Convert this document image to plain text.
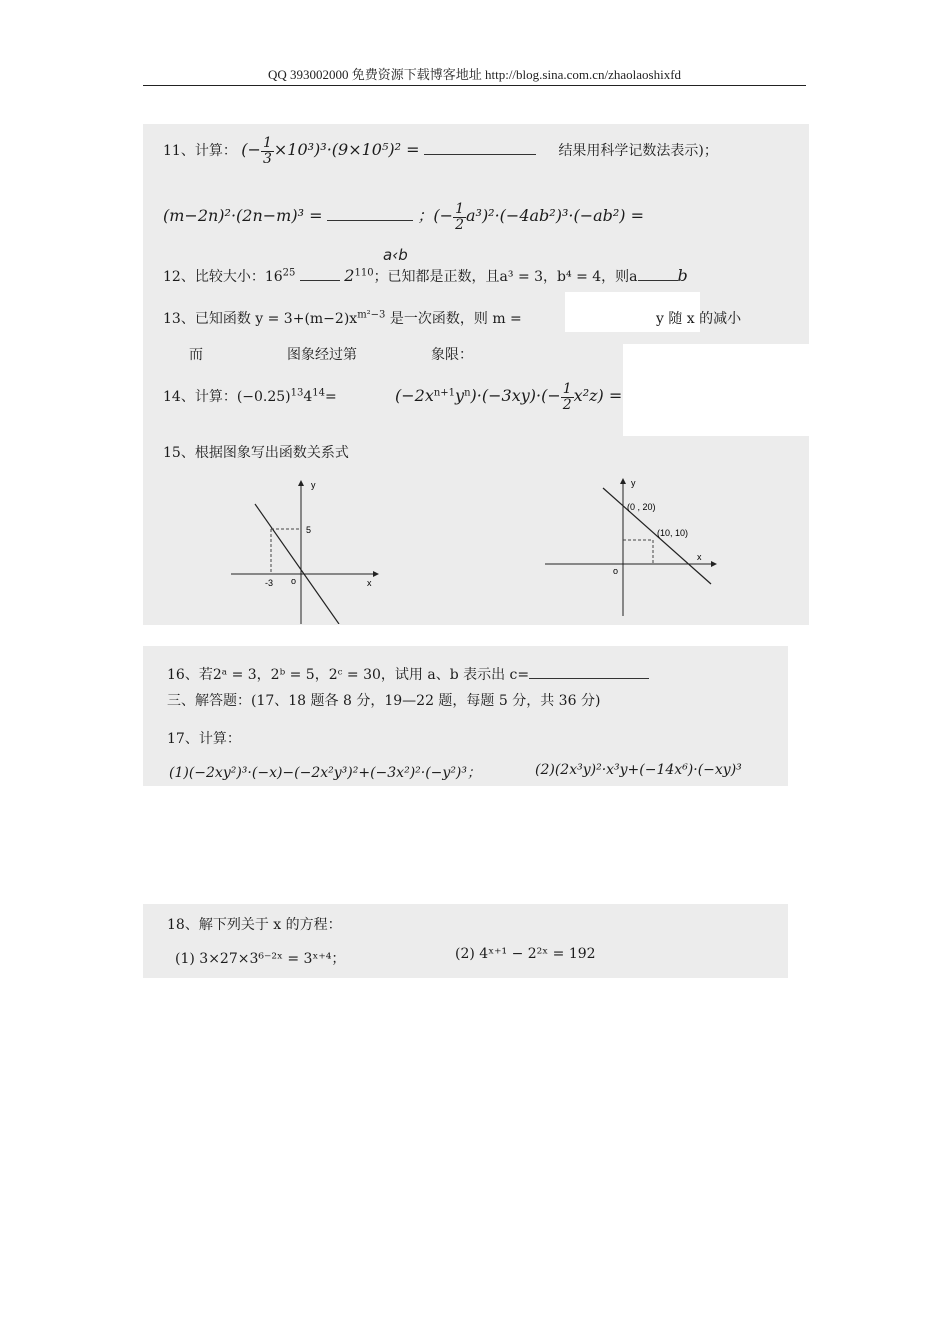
QQ 393002000 免费资源下载博客地址 http://blog.sina.com.cn/zhaolaoshixfd
11、计算： (− $\frac{1}{3} \times 10^3)^3\cdot(9\times 10^5)^2$ =	结果用科学记数法表示)；
(m−2n)²·(2n−m)³ =	；(− $\frac{1}{2} a^3)^2\cdot(-4ab^2)^3\cdot(-ab^2)$ =
a‹b
12、比较大小：$16^{25}$	$2^{110}$；已知都是正数，且a³ = 3，b⁴ = 4，则a	b
13、已知函数 $y = 3+(m-2)x^{m^2-3}$ 是一次函数，则 m =	y 随 x 的减小
而	图象经过第	象限：
14、计算：$(-0.25)^{13}4^{14}=$	$(-2x^{n+1}y^n)\cdot(-3xy)\cdot(- \frac{1}{2} x^2z)$ =
15、根据图象写出函数关系式
y
x
5
-3 o
y
x
(0 , 20)
(10, 10)
o
16、若2ᵃ = 3，2ᵇ = 5，2ᶜ = 30，试用 a、b 表示出 c=
三、解答题：(17、18 题各 8 分，19—22 题，每题 5 分，共 36 分)
17、计算：
(1)(−2xy²)³·(−x)−(−2x²y³)²+(−3x²)²·(−y²)³；	(2)(2x³y)²·x³y+(−14x⁶)·(−xy)³
18、解下列关于 x 的方程：
(1) 3×27×3⁶⁻²ˣ = 3ˣ⁺⁴；	(2) 4ˣ⁺¹ − 2²ˣ = 192
